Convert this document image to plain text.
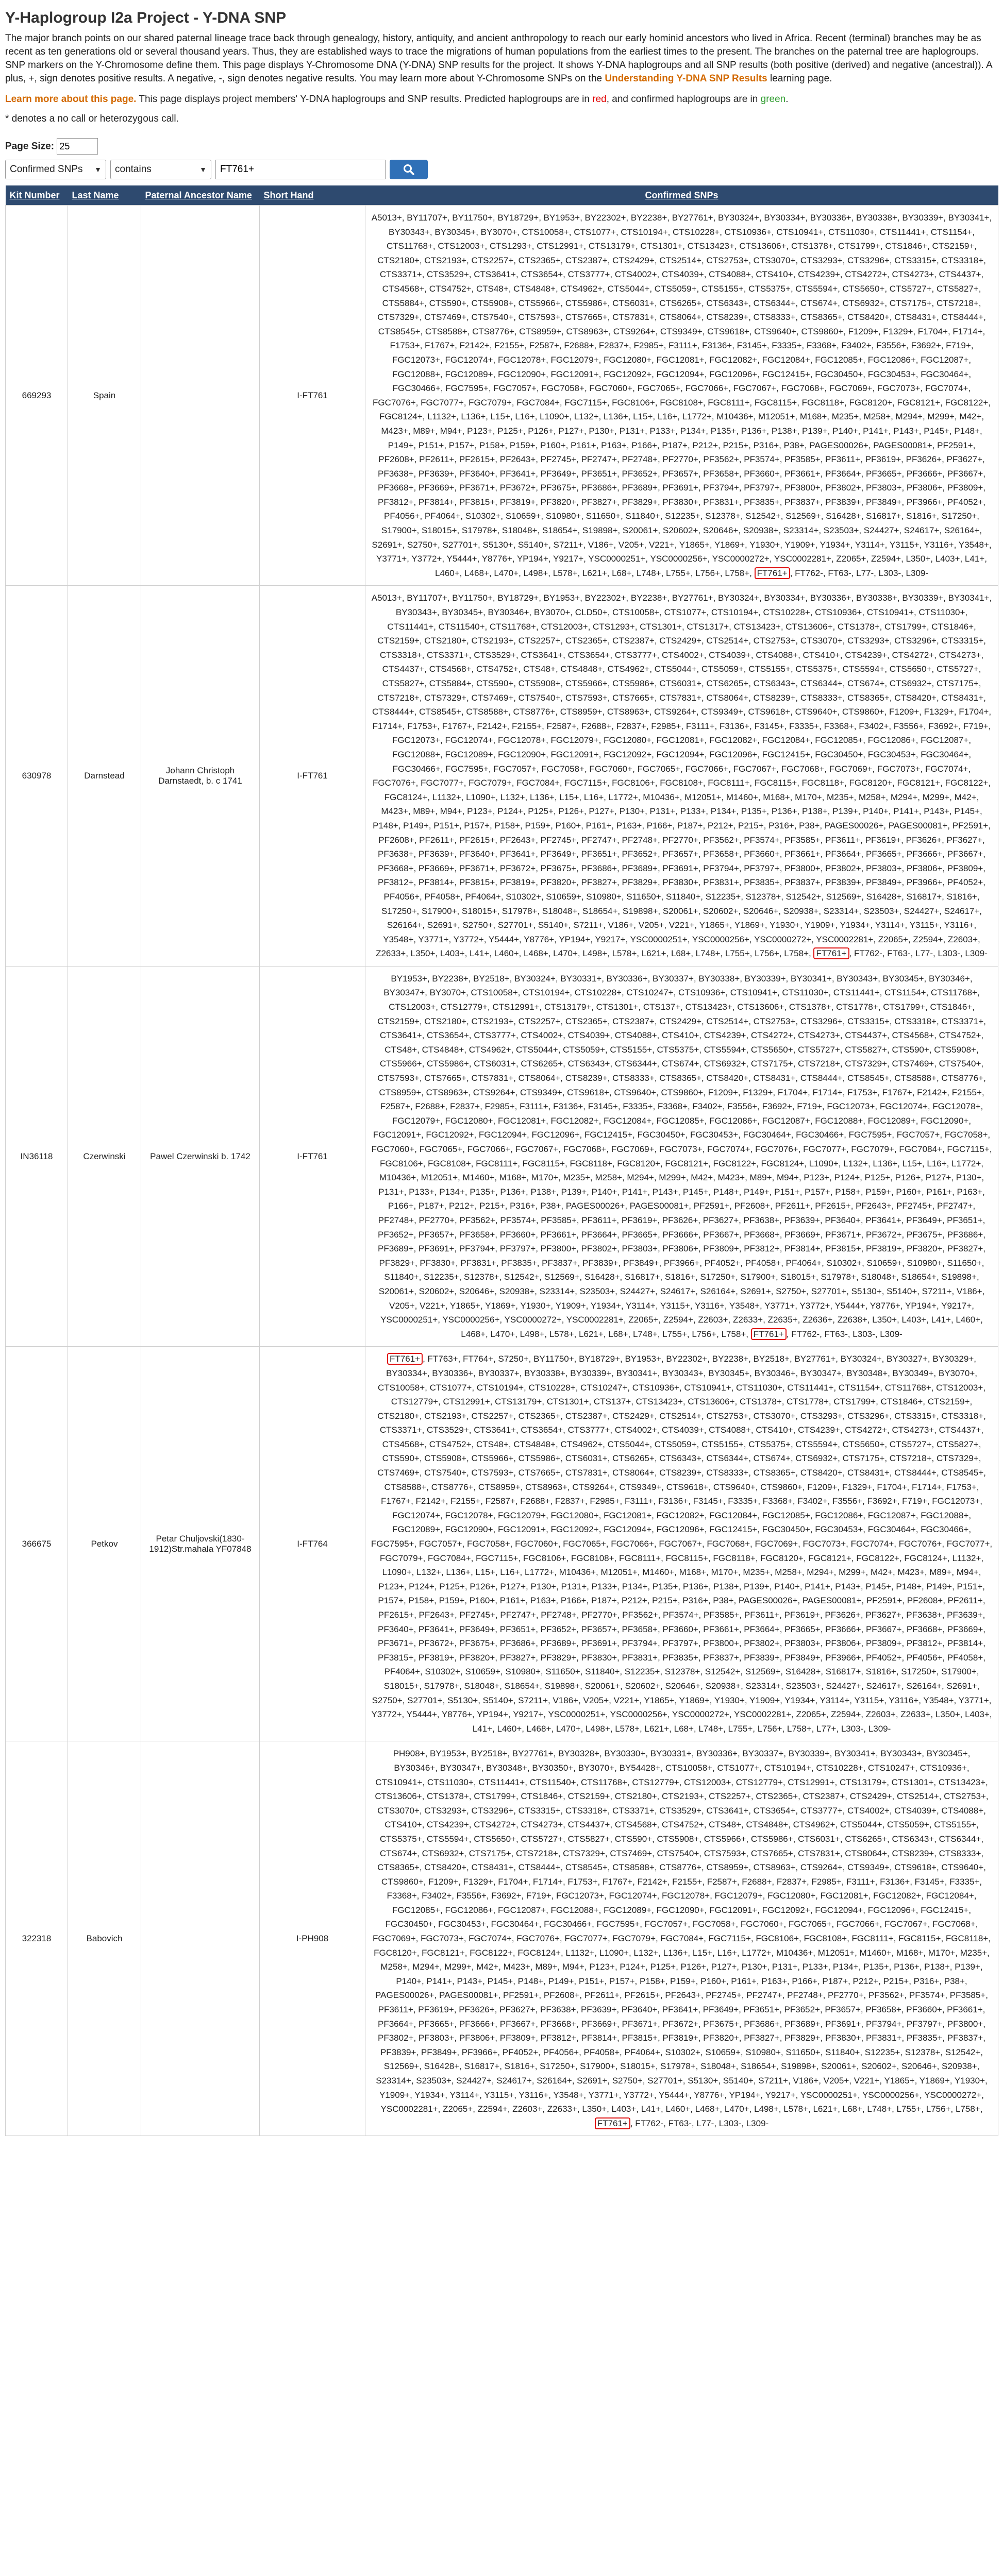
Y-Haplogroup I2a Project - Y-DNA SNP

The major branch points on our shared paternal lineage trace back through genealogy, history, antiquity, and ancient anthropology to reach our early hominid ancestors who lived in Africa. Recent (terminal) branches may be as recent as ten generations old or several thousand years. Thus, they are established ways to trace the migrations of human populations from the earliest times to the present. The branches on the paternal tree are haplogroups. SNP markers on the Y-Chromosome define them. This page displays Y-Chromosome DNA (Y-DNA) SNP results for the project. It shows Y-DNA haplogroups and all SNP results (both positive (derived) and negative (ancestral)). A plus, +, sign denotes positive results. A negative, -, sign denotes negative results. You may learn more about Y-Chromosome SNPs on the Understanding Y-DNA SNP Results learning page.

Learn more about this page. This page displays project members' Y-DNA haplogroups and SNP results. Predicted haplogroups are in red, and confirmed haplogroups are in green.

* denotes a no call or heterozygous call.

Page Size: 25
Confirmed SNPs ▼ contains	▼
FT761+
Kit Number	Last Name	Paternal Ancestor Name	Short Hand	Confirmed SNPs
669293	Spain		I-FT761	A5013+, BY11707+, BY11750+, BY18729+, BY1953+, BY22302+, BY2238+, BY27761+, BY30324+, BY30334+, BY30336+, BY30338+, BY30339+, BY30341+, BY30343+, BY30345+, BY3070+, CTS10058+, CTS1077+, CTS10194+, CTS10228+, CTS10936+, CTS10941+, CTS11030+, CTS11441+, CTS1154+, CTS11768+, CTS12003+, CTS1293+, CTS12991+, CTS13179+, CTS1301+, CTS13423+, CTS13606+, CTS1378+, CTS1799+, CTS1846+, CTS2159+, CTS2180+, CTS2193+, CTS2257+, CTS2365+, CTS2387+, CTS2429+, CTS2514+, CTS2753+, CTS3070+, CTS3293+, CTS3296+, CTS3315+, CTS3318+, CTS3371+, CTS3529+, CTS3641+, CTS3654+, CTS3777+, CTS4002+, CTS4039+, CTS4088+, CTS410+, CTS4239+, CTS4272+, CTS4273+, CTS4437+, CTS4568+, CTS4752+, CTS48+, CTS4848+, CTS4962+, CTS5044+, CTS5059+, CTS5155+, CTS5375+, CTS5594+, CTS5650+, CTS5727+, CTS5827+, CTS5884+, CTS590+, CTS5908+, CTS5966+, CTS5986+, CTS6031+, CTS6265+, CTS6343+, CTS6344+, CTS674+, CTS6932+, CTS7175+, CTS7218+, CTS7329+, CTS7469+, CTS7540+, CTS7593+, CTS7665+, CTS7831+, CTS8064+, CTS8239+, CTS8333+, CTS8365+, CTS8420+, CTS8431+, CTS8444+, CTS8545+, CTS8588+, CTS8776+, CTS8959+, CTS8963+, CTS9264+, CTS9349+, CTS9618+, CTS9640+, CTS9860+, F1209+, F1329+, F1704+, F1714+, F1753+, F1767+, F2142+, F2155+, F2587+, F2688+, F2837+, F2985+, F3111+, F3136+, F3145+, F3335+, F3368+, F3402+, F3556+, F3692+, F719+, FGC12073+, FGC12074+, FGC12078+, FGC12079+, FGC12080+, FGC12081+, FGC12082+, FGC12084+, FGC12085+, FGC12086+, FGC12087+, FGC12088+, FGC12089+, FGC12090+, FGC12091+, FGC12092+, FGC12094+, FGC12096+, FGC12415+, FGC30450+, FGC30453+, FGC30464+, FGC30466+, FGC7595+, FGC7057+, FGC7058+, FGC7060+, FGC7065+, FGC7066+, FGC7067+, FGC7068+, FGC7069+, FGC7073+, FGC7074+, FGC7076+, FGC7077+, FGC7079+, FGC7084+, FGC7115+, FGC8106+, FGC8108+, FGC8111+, FGC8115+, FGC8118+, FGC8120+, FGC8121+, FGC8122+, FGC8124+, L1132+, L136+, L15+, L16+, L1090+, L132+, L136+, L15+, L16+, L1772+, M10436+, M12051+, M168+, M235+, M258+, M294+, M299+, M42+, M423+, M89+, M94+, P123+, P125+, P126+, P127+, P130+, P131+, P133+, P134+, P135+, P136+, P138+, P139+, P140+, P141+, P143+, P145+, P148+, P149+, P151+, P157+, P158+, P159+, P160+, P161+, P163+, P166+, P187+, P212+, P215+, P316+, P38+, PAGES00026+, PAGES00081+, PF2591+, PF2608+, PF2611+, PF2615+, PF2643+, PF2745+, PF2747+, PF2748+, PF2770+, PF3562+, PF3574+, PF3585+, PF3611+, PF3619+, PF3626+, PF3627+, PF3638+, PF3639+, PF3640+, PF3641+, PF3649+, PF3651+, PF3652+, PF3657+, PF3658+, PF3660+, PF3661+, PF3664+, PF3665+, PF3666+, PF3667+, PF3668+, PF3669+, PF3671+, PF3672+, PF3675+, PF3686+, PF3689+, PF3691+, PF3794+, PF3797+, PF3800+, PF3802+, PF3803+, PF3806+, PF3809+, PF3812+, PF3814+, PF3815+, PF3819+, PF3820+, PF3827+, PF3829+, PF3830+, PF3831+, PF3835+, PF3837+, PF3839+, PF3849+, PF3966+, PF4052+, PF4056+, PF4064+, S10302+, S10659+, S10980+, S11650+, S11840+, S12235+, S12378+, S12542+, S12569+, S16428+, S16817+, S1816+, S17250+, S17900+, S18015+, S17978+, S18048+, S18654+, S19898+, S20061+, S20602+, S20646+, S20938+, S23314+, S23503+, S24427+, S24617+, S26164+, S2691+, S2750+, S27701+, S5130+, S5140+, S7211+, V186+, V205+, V221+, Y1865+, Y1869+, Y1930+, Y1909+, Y1934+, Y3114+, Y3115+, Y3116+, Y3548+, Y3771+, Y3772+, Y5444+, Y8776+, YP194+, Y9217+, YSC0000251+, YSC0000256+, YSC0000272+, YSC0002281+, Z2065+, Z2594+, L350+, L403+, L41+, L460+, L468+, L470+, L498+, L578+, L621+, L68+, L748+, L755+, L756+, L758+, FT761+ , FT762-, FT63-, L77-, L303-, L309-
630978	Darnstead	Johann Christoph Darnstaedt, b. c 1741	I-FT761	A5013+, BY11707+, BY11750+, BY18729+, BY1953+, BY22302+, BY2238+, BY27761+, BY30324+, BY30334+, BY30336+, BY30338+, BY30339+, BY30341+, BY30343+, BY30345+, BY30346+, BY3070+, CLD50+, CTS10058+, CTS1077+, CTS10194+, CTS10228+, CTS10936+, CTS10941+, CTS11030+, CTS11441+, CTS11540+, CTS11768+, CTS12003+, CTS1293+, CTS1301+, CTS1317+, CTS13423+, CTS13606+, CTS1378+, CTS1799+, CTS1846+, CTS2159+, CTS2180+, CTS2193+, CTS2257+, CTS2365+, CTS2387+, CTS2429+, CTS2514+, CTS2753+, CTS3070+, CTS3293+, CTS3296+, CTS3315+, CTS3318+, CTS3371+, CTS3529+, CTS3641+, CTS3654+, CTS3777+, CTS4002+, CTS4039+, CTS4088+, CTS410+, CTS4239+, CTS4272+, CTS4273+, CTS4437+, CTS4568+, CTS4752+, CTS48+, CTS4848+, CTS4962+, CTS5044+, CTS5059+, CTS5155+, CTS5375+, CTS5594+, CTS5650+, CTS5727+, CTS5827+, CTS5884+, CTS590+, CTS5908+, CTS5966+, CTS5986+, CTS6031+, CTS6265+, CTS6343+, CTS6344+, CTS674+, CTS6932+, CTS7175+, CTS7218+, CTS7329+, CTS7469+, CTS7540+, CTS7593+, CTS7665+, CTS7831+, CTS8064+, CTS8239+, CTS8333+, CTS8365+, CTS8420+, CTS8431+, CTS8444+, CTS8545+, CTS8588+, CTS8776+, CTS8959+, CTS8963+, CTS9264+, CTS9349+, CTS9618+, CTS9640+, CTS9860+, F1209+, F1329+, F1704+, F1714+, F1753+, F1767+, F2142+, F2155+, F2587+, F2688+, F2837+, F2985+, F3111+, F3136+, F3145+, F3335+, F3368+, F3402+, F3556+, F3692+, F719+, FGC12073+, FGC12074+, FGC12078+, FGC12079+, FGC12080+, FGC12081+, FGC12082+, FGC12084+, FGC12085+, FGC12086+, FGC12087+, FGC12088+, FGC12089+, FGC12090+, FGC12091+, FGC12092+, FGC12094+, FGC12096+, FGC12415+, FGC30450+, FGC30453+, FGC30464+, FGC30466+, FGC7595+, FGC7057+, FGC7058+, FGC7060+, FGC7065+, FGC7066+, FGC7067+, FGC7068+, FGC7069+, FGC7073+, FGC7074+, FGC7076+, FGC7077+, FGC7079+, FGC7084+, FGC7115+, FGC8106+, FGC8108+, FGC8111+, FGC8115+, FGC8118+, FGC8120+, FGC8121+, FGC8122+, FGC8124+, L1132+, L1090+, L132+, L136+, L15+, L16+, L1772+, M10436+, M12051+, M1460+, M168+, M170+, M235+, M258+, M294+, M299+, M42+, M423+, M89+, M94+, P123+, P124+, P125+, P126+, P127+, P130+, P131+, P133+, P134+, P135+, P136+, P138+, P139+, P140+, P141+, P143+, P145+, P148+, P149+, P151+, P157+, P158+, P159+, P160+, P161+, P163+, P166+, P187+, P212+, P215+, P316+, P38+, PAGES00026+, PAGES00081+, PF2591+, PF2608+, PF2611+, PF2615+, PF2643+, PF2745+, PF2747+, PF2748+, PF2770+, PF3562+, PF3574+, PF3585+, PF3611+, PF3619+, PF3626+, PF3627+, PF3638+, PF3639+, PF3640+, PF3641+, PF3649+, PF3651+, PF3652+, PF3657+, PF3658+, PF3660+, PF3661+, PF3664+, PF3665+, PF3666+, PF3667+, PF3668+, PF3669+, PF3671+, PF3672+, PF3675+, PF3686+, PF3689+, PF3691+, PF3794+, PF3797+, PF3800+, PF3802+, PF3803+, PF3806+, PF3809+, PF3812+, PF3814+, PF3815+, PF3819+, PF3820+, PF3827+, PF3829+, PF3830+, PF3831+, PF3835+, PF3837+, PF3839+, PF3849+, PF3966+, PF4052+, PF4056+, PF4058+, PF4064+, S10302+, S10659+, S10980+, S11650+, S11840+, S12235+, S12378+, S12542+, S12569+, S16428+, S16817+, S1816+, S17250+, S17900+, S18015+, S17978+, S18048+, S18654+, S19898+, S20061+, S20602+, S20646+, S20938+, S23314+, S23503+, S24427+, S24617+, S26164+, S2691+, S2750+, S27701+, S5140+, S7211+, V186+, V205+, V221+, Y1865+, Y1869+, Y1930+, Y1909+, Y1934+, Y3114+, Y3115+, Y3116+, Y3548+, Y3771+, Y3772+, Y5444+, Y8776+, YP194+, Y9217+, YSC0000251+, YSC0000256+, YSC0000272+, YSC0002281+, Z2065+, Z2594+, Z2603+, Z2633+, L350+, L403+, L41+, L460+, L468+, L470+, L498+, L578+, L621+, L68+, L748+, L755+, L756+, L758+, FT761+ , FT762-, FT63-, L77-, L303-, L309-
IN36118	Czerwinski	Pawel Czerwinski b. 1742	I-FT761	BY1953+, BY2238+, BY2518+, BY30324+, BY30331+, BY30336+, BY30337+, BY30338+, BY30339+, BY30341+, BY30343+, BY30345+, BY30346+, BY30347+, BY3070+, CTS10058+, CTS10194+, CTS10228+, CTS10247+, CTS10936+, CTS10941+, CTS11030+, CTS11441+, CTS1154+, CTS11768+, CTS12003+, CTS12779+, CTS12991+, CTS13179+, CTS1301+, CTS137+, CTS13423+, CTS13606+, CTS1378+, CTS1778+, CTS1799+, CTS1846+, CTS2159+, CTS2180+, CTS2193+, CTS2257+, CTS2365+, CTS2387+, CTS2429+, CTS2514+, CTS2753+, CTS3296+, CTS3315+, CTS3318+, CTS3371+, CTS3641+, CTS3654+, CTS3777+, CTS4002+, CTS4039+, CTS4088+, CTS410+, CTS4239+, CTS4272+, CTS4273+, CTS4437+, CTS4568+, CTS4752+, CTS48+, CTS4848+, CTS4962+, CTS5044+, CTS5059+, CTS5155+, CTS5375+, CTS5594+, CTS5650+, CTS5727+, CTS5827+, CTS590+, CTS5908+, CTS5966+, CTS5986+, CTS6031+, CTS6265+, CTS6343+, CTS6344+, CTS674+, CTS6932+, CTS7175+, CTS7218+, CTS7329+, CTS7469+, CTS7540+, CTS7593+, CTS7665+, CTS7831+, CTS8064+, CTS8239+, CTS8333+, CTS8365+, CTS8420+, CTS8431+, CTS8444+, CTS8545+, CTS8588+, CTS8776+, CTS8959+, CTS8963+, CTS9264+, CTS9349+, CTS9618+, CTS9640+, CTS9860+, F1209+, F1329+, F1704+, F1714+, F1753+, F1767+, F2142+, F2155+, F2587+, F2688+, F2837+, F2985+, F3111+, F3136+, F3145+, F3335+, F3368+, F3402+, F3556+, F3692+, F719+, FGC12073+, FGC12074+, FGC12078+, FGC12079+, FGC12080+, FGC12081+, FGC12082+, FGC12084+, FGC12085+, FGC12086+, FGC12087+, FGC12088+, FGC12089+, FGC12090+, FGC12091+, FGC12092+, FGC12094+, FGC12096+, FGC12415+, FGC30450+, FGC30453+, FGC30464+, FGC30466+, FGC7595+, FGC7057+, FGC7058+, FGC7060+, FGC7065+, FGC7066+, FGC7067+, FGC7068+, FGC7069+, FGC7073+, FGC7074+, FGC7076+, FGC7077+, FGC7079+, FGC7084+, FGC7115+, FGC8106+, FGC8108+, FGC8111+, FGC8115+, FGC8118+, FGC8120+, FGC8121+, FGC8122+, FGC8124+, L1090+, L132+, L136+, L15+, L16+, L1772+, M10436+, M12051+, M1460+, M168+, M170+, M235+, M258+, M294+, M299+, M42+, M423+, M89+, M94+, P123+, P124+, P125+, P126+, P127+, P130+, P131+, P133+, P134+, P135+, P136+, P138+, P139+, P140+, P141+, P143+, P145+, P148+, P149+, P151+, P157+, P158+, P159+, P160+, P161+, P163+, P166+, P187+, P212+, P215+, P316+, P38+, PAGES00026+, PAGES00081+, PF2591+, PF2608+, PF2611+, PF2615+, PF2643+, PF2745+, PF2747+, PF2748+, PF2770+, PF3562+, PF3574+, PF3585+, PF3611+, PF3619+, PF3626+, PF3627+, PF3638+, PF3639+, PF3640+, PF3641+, PF3649+, PF3651+, PF3652+, PF3657+, PF3658+, PF3660+, PF3661+, PF3664+, PF3665+, PF3666+, PF3667+, PF3668+, PF3669+, PF3671+, PF3672+, PF3675+, PF3686+, PF3689+, PF3691+, PF3794+, PF3797+, PF3800+, PF3802+, PF3803+, PF3806+, PF3809+, PF3812+, PF3814+, PF3815+, PF3819+, PF3820+, PF3827+, PF3829+, PF3830+, PF3831+, PF3835+, PF3837+, PF3839+, PF3849+, PF3966+, PF4052+, PF4058+, PF4064+, S10302+, S10659+, S10980+, S11650+, S11840+, S12235+, S12378+, S12542+, S12569+, S16428+, S16817+, S1816+, S17250+, S17900+, S18015+, S17978+, S18048+, S18654+, S19898+, S20061+, S20602+, S20646+, S20938+, S23314+, S23503+, S24427+, S24617+, S26164+, S2691+, S2750+, S27701+, S5130+, S5140+, S7211+, V186+, V205+, V221+, Y1865+, Y1869+, Y1930+, Y1909+, Y1934+, Y3114+, Y3115+, Y3116+, Y3548+, Y3771+, Y3772+, Y5444+, Y8776+, YP194+, Y9217+, YSC0000251+, YSC0000256+, YSC0000272+, YSC0002281+, Z2065+, Z2594+, Z2603+, Z2633+, Z2635+, Z2636+, Z2638+, L350+, L403+, L41+, L460+, L468+, L470+, L498+, L578+, L621+, L68+, L748+, L755+, L756+, L758+, FT761+ , FT762-, FT63-, L303-, L309-
366675	Petkov	Petar Chuljovski(1830-1912)Str.mahala YF07848	I-FT764	FT761+ , FT763+, FT764+, S7250+, BY11750+, BY18729+, BY1953+, BY22302+, BY2238+, BY2518+, BY27761+, BY30324+, BY30327+, BY30329+, BY30334+, BY30336+, BY30337+, BY30338+, BY30339+, BY30341+, BY30343+, BY30345+, BY30346+, BY30347+, BY30348+, BY30349+, BY3070+, CTS10058+, CTS1077+, CTS10194+, CTS10228+, CTS10247+, CTS10936+, CTS10941+, CTS11030+, CTS11441+, CTS1154+, CTS11768+, CTS12003+, CTS12779+, CTS12991+, CTS13179+, CTS1301+, CTS137+, CTS13423+, CTS13606+, CTS1378+, CTS1778+, CTS1799+, CTS1846+, CTS2159+, CTS2180+, CTS2193+, CTS2257+, CTS2365+, CTS2387+, CTS2429+, CTS2514+, CTS2753+, CTS3070+, CTS3293+, CTS3296+, CTS3315+, CTS3318+, CTS3371+, CTS3529+, CTS3641+, CTS3654+, CTS3777+, CTS4002+, CTS4039+, CTS4088+, CTS410+, CTS4239+, CTS4272+, CTS4273+, CTS4437+, CTS4568+, CTS4752+, CTS48+, CTS4848+, CTS4962+, CTS5044+, CTS5059+, CTS5155+, CTS5375+, CTS5594+, CTS5650+, CTS5727+, CTS5827+, CTS590+, CTS5908+, CTS5966+, CTS5986+, CTS6031+, CTS6265+, CTS6343+, CTS6344+, CTS674+, CTS6932+, CTS7175+, CTS7218+, CTS7329+, CTS7469+, CTS7540+, CTS7593+, CTS7665+, CTS7831+, CTS8064+, CTS8239+, CTS8333+, CTS8365+, CTS8420+, CTS8431+, CTS8444+, CTS8545+, CTS8588+, CTS8776+, CTS8959+, CTS8963+, CTS9264+, CTS9349+, CTS9618+, CTS9640+, CTS9860+, F1209+, F1329+, F1704+, F1714+, F1753+, F1767+, F2142+, F2155+, F2587+, F2688+, F2837+, F2985+, F3111+, F3136+, F3145+, F3335+, F3368+, F3402+, F3556+, F3692+, F719+, FGC12073+, FGC12074+, FGC12078+, FGC12079+, FGC12080+, FGC12081+, FGC12082+, FGC12084+, FGC12085+, FGC12086+, FGC12087+, FGC12088+, FGC12089+, FGC12090+, FGC12091+, FGC12092+, FGC12094+, FGC12096+, FGC12415+, FGC30450+, FGC30453+, FGC30464+, FGC30466+, FGC7595+, FGC7057+, FGC7058+, FGC7060+, FGC7065+, FGC7066+, FGC7067+, FGC7068+, FGC7069+, FGC7073+, FGC7074+, FGC7076+, FGC7077+, FGC7079+, FGC7084+, FGC7115+, FGC8106+, FGC8108+, FGC8111+, FGC8115+, FGC8118+, FGC8120+, FGC8121+, FGC8122+, FGC8124+, L1132+, L1090+, L132+, L136+, L15+, L16+, L1772+, M10436+, M12051+, M1460+, M168+, M170+, M235+, M258+, M294+, M299+, M42+, M423+, M89+, M94+, P123+, P124+, P125+, P126+, P127+, P130+, P131+, P133+, P134+, P135+, P136+, P138+, P139+, P140+, P141+, P143+, P145+, P148+, P149+, P151+, P157+, P158+, P159+, P160+, P161+, P163+, P166+, P187+, P212+, P215+, P316+, P38+, PAGES00026+, PAGES00081+, PF2591+, PF2608+, PF2611+, PF2615+, PF2643+, PF2745+, PF2747+, PF2748+, PF2770+, PF3562+, PF3574+, PF3585+, PF3611+, PF3619+, PF3626+, PF3627+, PF3638+, PF3639+, PF3640+, PF3641+, PF3649+, PF3651+, PF3652+, PF3657+, PF3658+, PF3660+, PF3661+, PF3664+, PF3665+, PF3666+, PF3667+, PF3668+, PF3669+, PF3671+, PF3672+, PF3675+, PF3686+, PF3689+, PF3691+, PF3794+, PF3797+, PF3800+, PF3802+, PF3803+, PF3806+, PF3809+, PF3812+, PF3814+, PF3815+, PF3819+, PF3820+, PF3827+, PF3829+, PF3830+, PF3831+, PF3835+, PF3837+, PF3839+, PF3849+, PF3966+, PF4052+, PF4056+, PF4058+, PF4064+, S10302+, S10659+, S10980+, S11650+, S11840+, S12235+, S12378+, S12542+, S12569+, S16428+, S16817+, S1816+, S17250+, S17900+, S18015+, S17978+, S18048+, S18654+, S19898+, S20061+, S20602+, S20646+, S20938+, S23314+, S23503+, S24427+, S24617+, S26164+, S2691+, S2750+, S27701+, S5130+, S5140+, S7211+, V186+, V205+, V221+, Y1865+, Y1869+, Y1930+, Y1909+, Y1934+, Y3114+, Y3115+, Y3116+, Y3548+, Y3771+, Y3772+, Y5444+, Y8776+, YP194+, Y9217+, YSC0000251+, YSC0000256+, YSC0000272+, YSC0002281+, Z2065+, Z2594+, Z2603+, Z2633+, L350+, L403+, L41+, L460+, L468+, L470+, L498+, L578+, L621+, L68+, L748+, L755+, L756+, L758+, L77+, L303-, L309-
322318	Babovich		I-PH908	PH908+, BY1953+, BY2518+, BY27761+, BY30328+, BY30330+, BY30331+, BY30336+, BY30337+, BY30339+, BY30341+, BY30343+, BY30345+, BY30346+, BY30347+, BY30348+, BY30350+, BY3070+, BY54428+, CTS10058+, CTS1077+, CTS10194+, CTS10228+, CTS10247+, CTS10936+, CTS10941+, CTS11030+, CTS11441+, CTS11540+, CTS11768+, CTS12779+, CTS12003+, CTS12779+, CTS12991+, CTS13179+, CTS1301+, CTS13423+, CTS13606+, CTS1378+, CTS1799+, CTS1846+, CTS2159+, CTS2180+, CTS2193+, CTS2257+, CTS2365+, CTS2387+, CTS2429+, CTS2514+, CTS2753+, CTS3070+, CTS3293+, CTS3296+, CTS3315+, CTS3318+, CTS3371+, CTS3529+, CTS3641+, CTS3654+, CTS3777+, CTS4002+, CTS4039+, CTS4088+, CTS410+, CTS4239+, CTS4272+, CTS4273+, CTS4437+, CTS4568+, CTS4752+, CTS48+, CTS4848+, CTS4962+, CTS5044+, CTS5059+, CTS5155+, CTS5375+, CTS5594+, CTS5650+, CTS5727+, CTS5827+, CTS590+, CTS5908+, CTS5966+, CTS5986+, CTS6031+, CTS6265+, CTS6343+, CTS6344+, CTS674+, CTS6932+, CTS7175+, CTS7218+, CTS7329+, CTS7469+, CTS7540+, CTS7593+, CTS7665+, CTS7831+, CTS8064+, CTS8239+, CTS8333+, CTS8365+, CTS8420+, CTS8431+, CTS8444+, CTS8545+, CTS8588+, CTS8776+, CTS8959+, CTS8963+, CTS9264+, CTS9349+, CTS9618+, CTS9640+, CTS9860+, F1209+, F1329+, F1704+, F1714+, F1753+, F1767+, F2142+, F2155+, F2587+, F2688+, F2837+, F2985+, F3111+, F3136+, F3145+, F3335+, F3368+, F3402+, F3556+, F3692+, F719+, FGC12073+, FGC12074+, FGC12078+, FGC12079+, FGC12080+, FGC12081+, FGC12082+, FGC12084+, FGC12085+, FGC12086+, FGC12087+, FGC12088+, FGC12089+, FGC12090+, FGC12091+, FGC12092+, FGC12094+, FGC12096+, FGC12415+, FGC30450+, FGC30453+, FGC30464+, FGC30466+, FGC7595+, FGC7057+, FGC7058+, FGC7060+, FGC7065+, FGC7066+, FGC7067+, FGC7068+, FGC7069+, FGC7073+, FGC7074+, FGC7076+, FGC7077+, FGC7079+, FGC7084+, FGC7115+, FGC8106+, FGC8108+, FGC8111+, FGC8115+, FGC8118+, FGC8120+, FGC8121+, FGC8122+, FGC8124+, L1132+, L1090+, L132+, L136+, L15+, L16+, L1772+, M10436+, M12051+, M1460+, M168+, M170+, M235+, M258+, M294+, M299+, M42+, M423+, M89+, M94+, P123+, P124+, P125+, P126+, P127+, P130+, P131+, P133+, P134+, P135+, P136+, P138+, P139+, P140+, P141+, P143+, P145+, P148+, P149+, P151+, P157+, P158+, P159+, P160+, P161+, P163+, P166+, P187+, P212+, P215+, P316+, P38+, PAGES00026+, PAGES00081+, PF2591+, PF2608+, PF2611+, PF2615+, PF2643+, PF2745+, PF2747+, PF2748+, PF2770+, PF3562+, PF3574+, PF3585+, PF3611+, PF3619+, PF3626+, PF3627+, PF3638+, PF3639+, PF3640+, PF3641+, PF3649+, PF3651+, PF3652+, PF3657+, PF3658+, PF3660+, PF3661+, PF3664+, PF3665+, PF3666+, PF3667+, PF3668+, PF3669+, PF3671+, PF3672+, PF3675+, PF3686+, PF3689+, PF3691+, PF3794+, PF3797+, PF3800+, PF3802+, PF3803+, PF3806+, PF3809+, PF3812+, PF3814+, PF3815+, PF3819+, PF3820+, PF3827+, PF3829+, PF3830+, PF3831+, PF3835+, PF3837+, PF3839+, PF3849+, PF3966+, PF4052+, PF4056+, PF4058+, PF4064+, S10302+, S10659+, S10980+, S11650+, S11840+, S12235+, S12378+, S12542+, S12569+, S16428+, S16817+, S1816+, S17250+, S17900+, S18015+, S17978+, S18048+, S18654+, S19898+, S20061+, S20602+, S20646+, S20938+, S23314+, S23503+, S24427+, S24617+, S26164+, S2691+, S2750+, S27701+, S5130+, S5140+, S7211+, V186+, V205+, V221+, Y1865+, Y1869+, Y1930+, Y1909+, Y1934+, Y3114+, Y3115+, Y3116+, Y3548+, Y3771+, Y3772+, Y5444+, Y8776+, YP194+, Y9217+, YSC0000251+, YSC0000256+, YSC0000272+, YSC0002281+, Z2065+, Z2594+, Z2603+, Z2633+, L350+, L403+, L41+, L460+, L468+, L470+, L498+, L578+, L621+, L68+, L748+, L755+, L756+, L758+, FT761+ , FT762-, FT63-, L77-, L303-, L309-
